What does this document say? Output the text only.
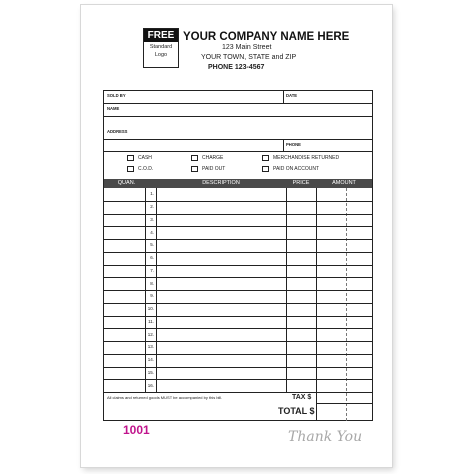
FREE
Standard
Logo
YOUR COMPANY NAME HERE
123 Main Street
YOUR TOWN, STATE and ZIP
PHONE 123-4567
SOLD BY	DATE
NAME
ADDRESS
PHONE
CASH	CHARGE	MERCHANDISE RETURNED
C.O.D.	PAID OUT	PAID ON ACCOUNT
QUAN.	DESCRIPTION	PRICE	AMOUNT
1.
2.
3.
4.
5.
6.
7.
8.
9.
10.
11.
12.
13.
14.
15.
16.
All claims and returned goods MUST be accompanied by this bill.	TAX $
TOTAL $
1001	Thank You
